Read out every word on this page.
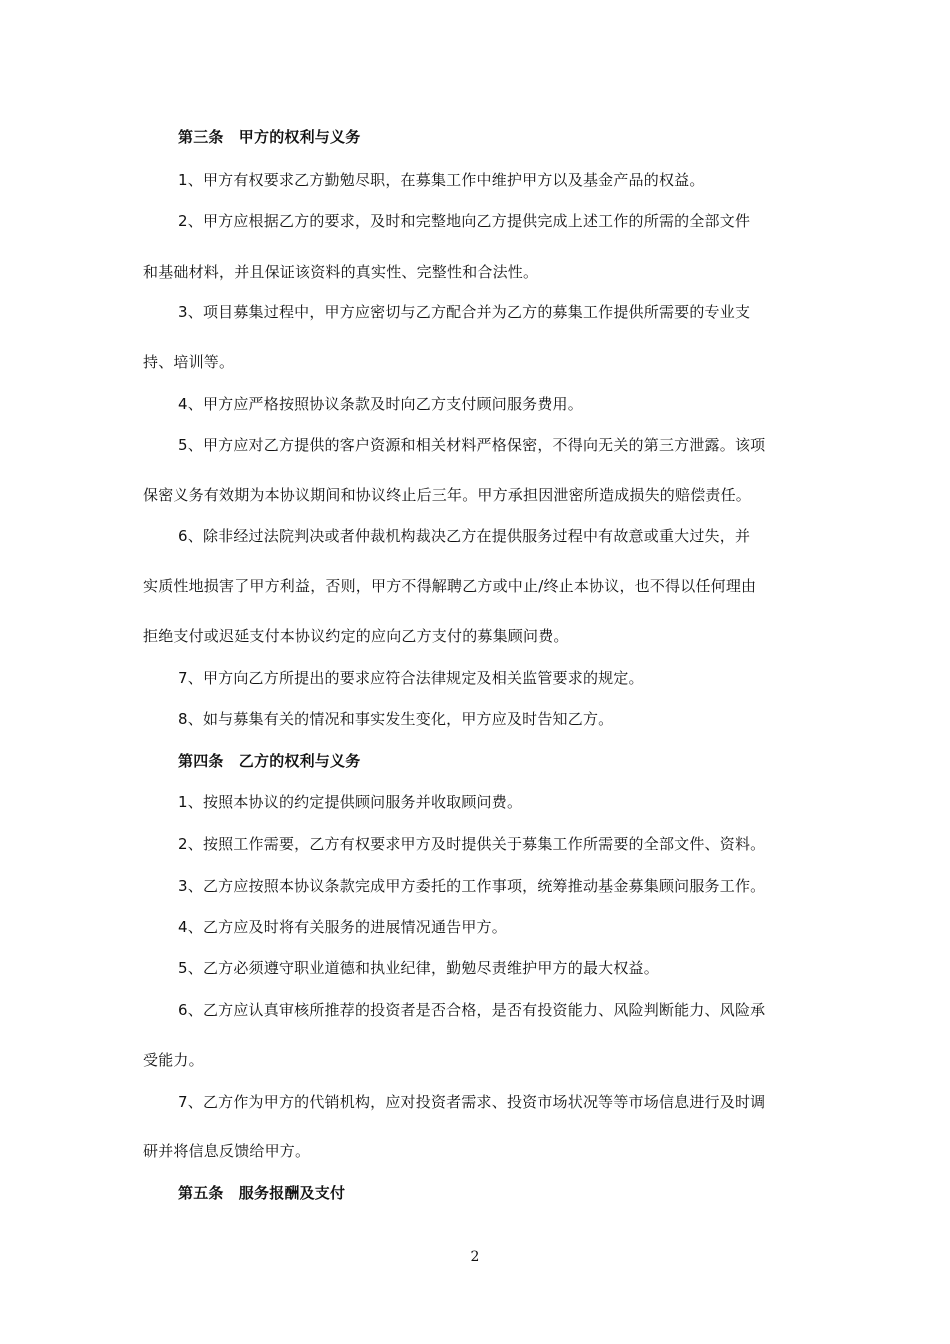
第三条　甲方的权利与义务
1、甲方有权要求乙方勤勉尽职，在募集工作中维护甲方以及基金产品的权益。
2、甲方应根据乙方的要求，及时和完整地向乙方提供完成上述工作的所需的全部文件
和基础材料，并且保证该资料的真实性、完整性和合法性。
3、项目募集过程中，甲方应密切与乙方配合并为乙方的募集工作提供所需要的专业支
持、培训等。
4、甲方应严格按照协议条款及时向乙方支付顾问服务费用。
5、甲方应对乙方提供的客户资源和相关材料严格保密，不得向无关的第三方泄露。该项
保密义务有效期为本协议期间和协议终止后三年。甲方承担因泄密所造成损失的赔偿责任。
6、除非经过法院判决或者仲裁机构裁决乙方在提供服务过程中有故意或重大过失，并
实质性地损害了甲方利益，否则，甲方不得解聘乙方或中止/终止本协议，也不得以任何理由
拒绝支付或迟延支付本协议约定的应向乙方支付的募集顾问费。
7、甲方向乙方所提出的要求应符合法律规定及相关监管要求的规定。
8、如与募集有关的情况和事实发生变化，甲方应及时告知乙方。
第四条　乙方的权利与义务
1、按照本协议的约定提供顾问服务并收取顾问费。
2、按照工作需要，乙方有权要求甲方及时提供关于募集工作所需要的全部文件、资料。
3、乙方应按照本协议条款完成甲方委托的工作事项，统筹推动基金募集顾问服务工作。
4、乙方应及时将有关服务的进展情况通告甲方。
5、乙方必须遵守职业道德和执业纪律，勤勉尽责维护甲方的最大权益。
6、乙方应认真审核所推荐的投资者是否合格，是否有投资能力、风险判断能力、风险承
受能力。
7、乙方作为甲方的代销机构，应对投资者需求、投资市场状况等等市场信息进行及时调
研并将信息反馈给甲方。
第五条　服务报酬及支付
2
